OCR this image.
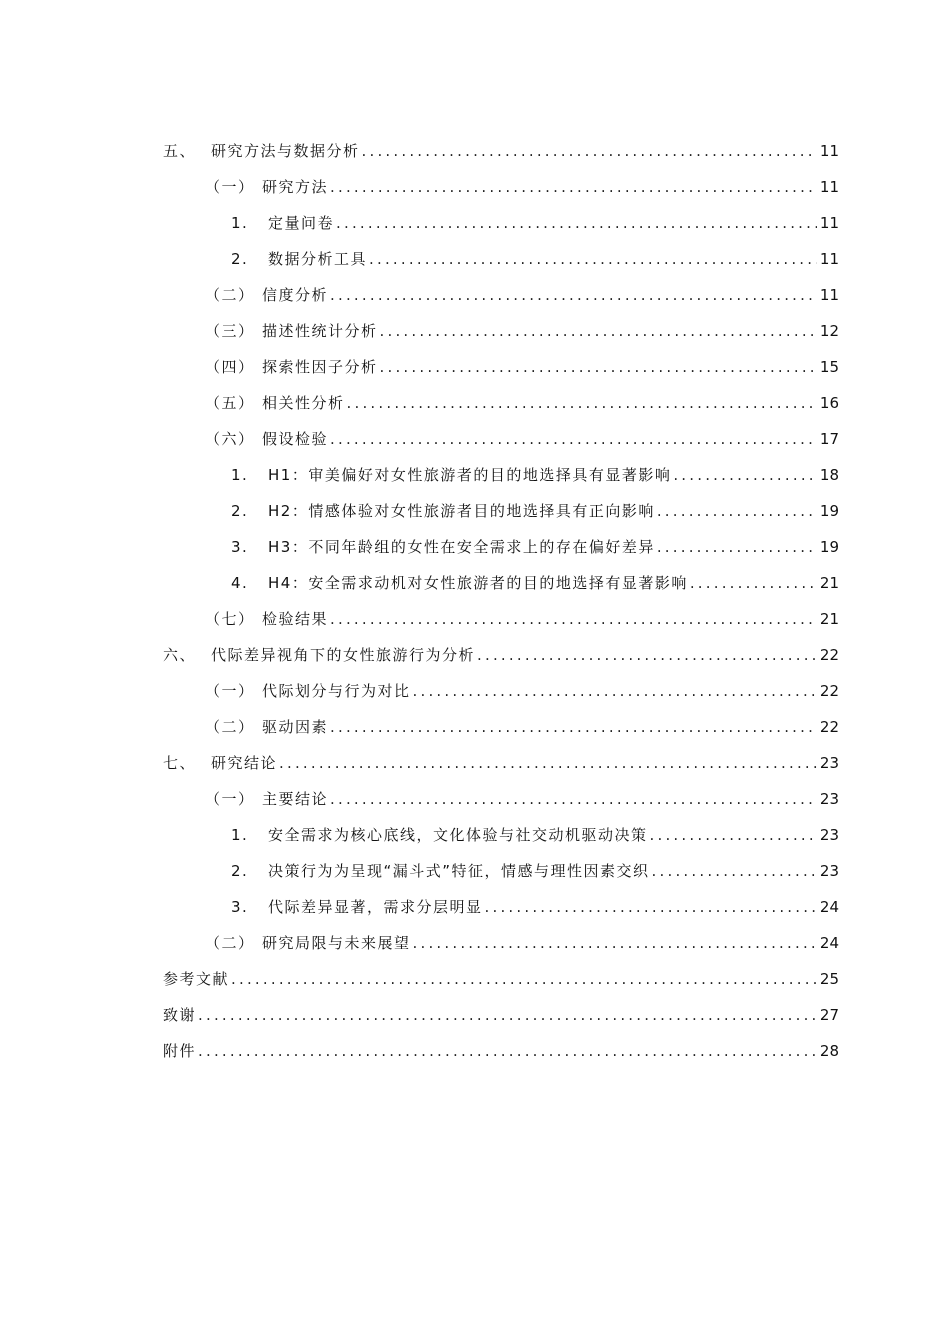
五、 研究方法与数据分析 .....	11
（一） 研究方法 .....	11
1.	定量问卷 .....	11
2.	数据分析工具 .....	11
（二） 信度分析 .....	11
（三） 描述性统计分析 .....	12
（四） 探索性因子分析 .....	15
（五） 相关性分析 .....	16
（六） 假设检验 .....	17
1.	H1：审美偏好对女性旅游者的目的地选择具有显著影响 .....	18
2.	H2：情感体验对女性旅游者目的地选择具有正向影响 .....	19
3.	H3：不同年龄组的女性在安全需求上的存在偏好差异 .....	19
4.	H4：安全需求动机对女性旅游者的目的地选择有显著影响 .....	21
（七） 检验结果 .....	21
六、 代际差异视角下的女性旅游行为分析 .....	22
（一） 代际划分与行为对比 .....	22
（二） 驱动因素 .....	22
七、 研究结论 .....	23
（一） 主要结论 .....	23
1.	安全需求为核心底线，文化体验与社交动机驱动决策 .....	23
2.	决策行为为呈现“漏斗式”特征，情感与理性因素交织 .....	23
3.	代际差异显著，需求分层明显 .....	24
（二） 研究局限与未来展望 .....	24
参考文献 .....	25
致谢 .....	27
附件 .....	28
